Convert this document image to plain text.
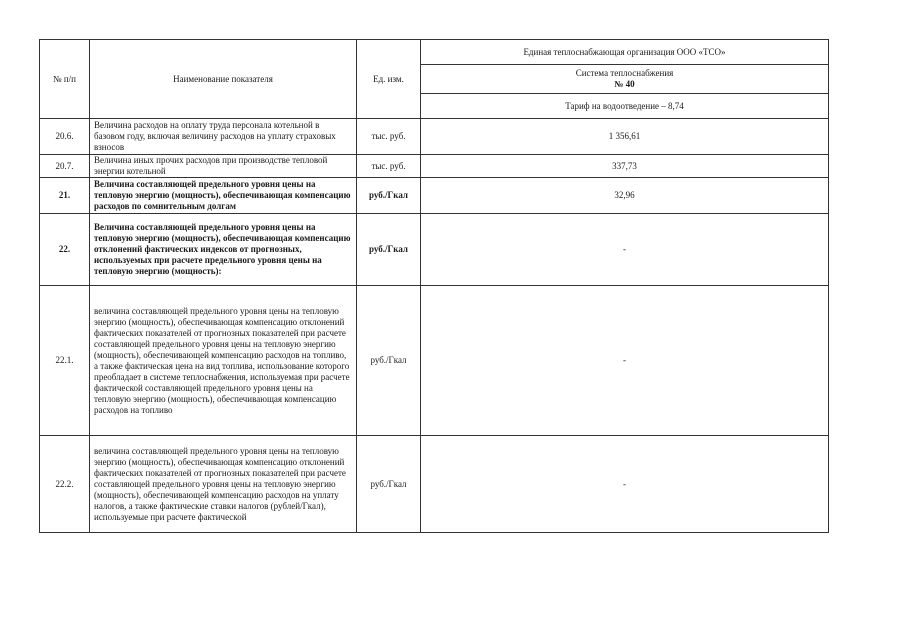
№ п/п	Наименование показателя	Ед. изм.	Единая теплоснабжающая организация ООО «ТСО»

			Система теплоснабжения
№ 40

			Тариф на водоотведение – 8,74
20.6.	Величина расходов на оплату труда персонала котельной в базовом году, включая величину расходов на уплату страховых взносов	тыс. руб.	1 356,61
20.7.	Величина иных прочих расходов при производстве тепловой энергии котельной	тыс. руб.	337,73
21.	Величина составляющей предельного уровня цены на тепловую энергию (мощность), обеспечивающая компенсацию расходов по сомнительным долгам	руб./Гкал	32,96
22.	Величина составляющей предельного уровня цены на тепловую энергию (мощность), обеспечивающая компенсацию отклонений фактических индексов от прогнозных, используемых при расчете предельного уровня цены на тепловую энергию (мощность):	руб./Гкал	-
22.1.	величина составляющей предельного уровня цены на тепловую энергию (мощность), обеспечивающая компенсацию отклонений фактических показателей от прогнозных показателей при расчете составляющей предельного уровня цены на тепловую энергию (мощность), обеспечивающей компенсацию расходов на топливо, а также фактическая цена на вид топлива, использование которого преобладает в системе теплоснабжения, используемая при расчете фактической составляющей предельного уровня цены на тепловую энергию (мощность), обеспечивающая компенсацию расходов на топливо	руб./Гкал	-
22.2.	величина составляющей предельного уровня цены на тепловую энергию (мощность), обеспечивающая компенсацию отклонений фактических показателей от прогнозных показателей при расчете составляющей предельного уровня цены на тепловую энергию (мощность), обеспечивающей компенсацию расходов на уплату налогов, а также фактические ставки налогов (рублей/Гкал), используемые при расчете фактической	руб./Гкал	-
